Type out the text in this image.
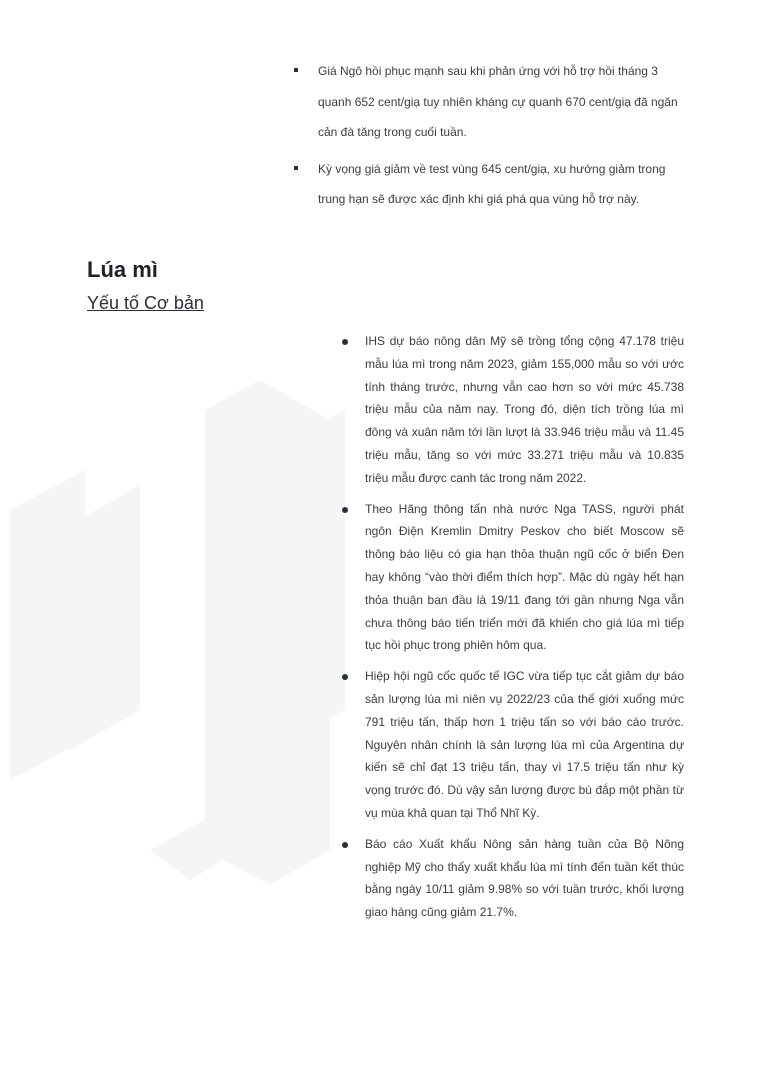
Giá Ngô hồi phục mạnh sau khi phản ứng với hỗ trợ hồi tháng 3 quanh 652 cent/giạ tuy nhiên kháng cự quanh 670 cent/giạ đã ngăn cản đà tăng trong cuối tuần.
Kỳ vọng giá giảm về test vùng 645 cent/giạ, xu hướng giảm trong trung hạn sẽ được xác định khi giá phá qua vùng hỗ trợ này.
Lúa mì
Yếu tố Cơ bản
IHS dự báo nông dân Mỹ sẽ trồng tổng cộng 47.178 triệu mẫu lúa mì trong năm 2023, giảm 155,000 mẫu so với ước tính tháng trước, nhưng vẫn cao hơn so với mức 45.738 triệu mẫu của năm nay. Trong đó, diện tích trồng lúa mì đông và xuân năm tới lần lượt là 33.946 triệu mẫu và 11.45 triệu mẫu, tăng so với mức 33.271 triệu mẫu và 10.835 triệu mẫu được canh tác trong năm 2022.
Theo Hãng thông tấn nhà nước Nga TASS, người phát ngôn Điện Kremlin Dmitry Peskov cho biết Moscow sẽ thông báo liệu có gia hạn thỏa thuận ngũ cốc ở biển Đen hay không “vào thời điểm thích hợp”. Mặc dù ngày hết hạn thỏa thuận ban đầu là 19/11 đang tới gần nhưng Nga vẫn chưa thông báo tiến triển mới đã khiến cho giá lúa mì tiếp tục hồi phục trong phiên hôm qua.
Hiệp hội ngũ cốc quốc tế IGC vừa tiếp tục cắt giảm dự báo sản lượng lúa mì niên vụ 2022/23 của thế giới xuống mức 791 triệu tấn, thấp hơn 1 triệu tấn so với báo cáo trước. Nguyên nhân chính là sản lượng lúa mì của Argentina dự kiến sẽ chỉ đạt 13 triệu tấn, thay vì 17.5 triệu tấn như kỳ vọng trước đó. Dù vậy sản lượng được bù đắp một phần từ vụ mùa khả quan tại Thổ Nhĩ Kỳ.
Báo cáo Xuất khẩu Nông sản hàng tuần của Bộ Nông nghiệp Mỹ cho thấy xuất khẩu lúa mì tính đến tuần kết thúc bằng ngày 10/11 giảm 9.98% so với tuần trước, khối lượng giao hàng cũng giảm 21.7%.
